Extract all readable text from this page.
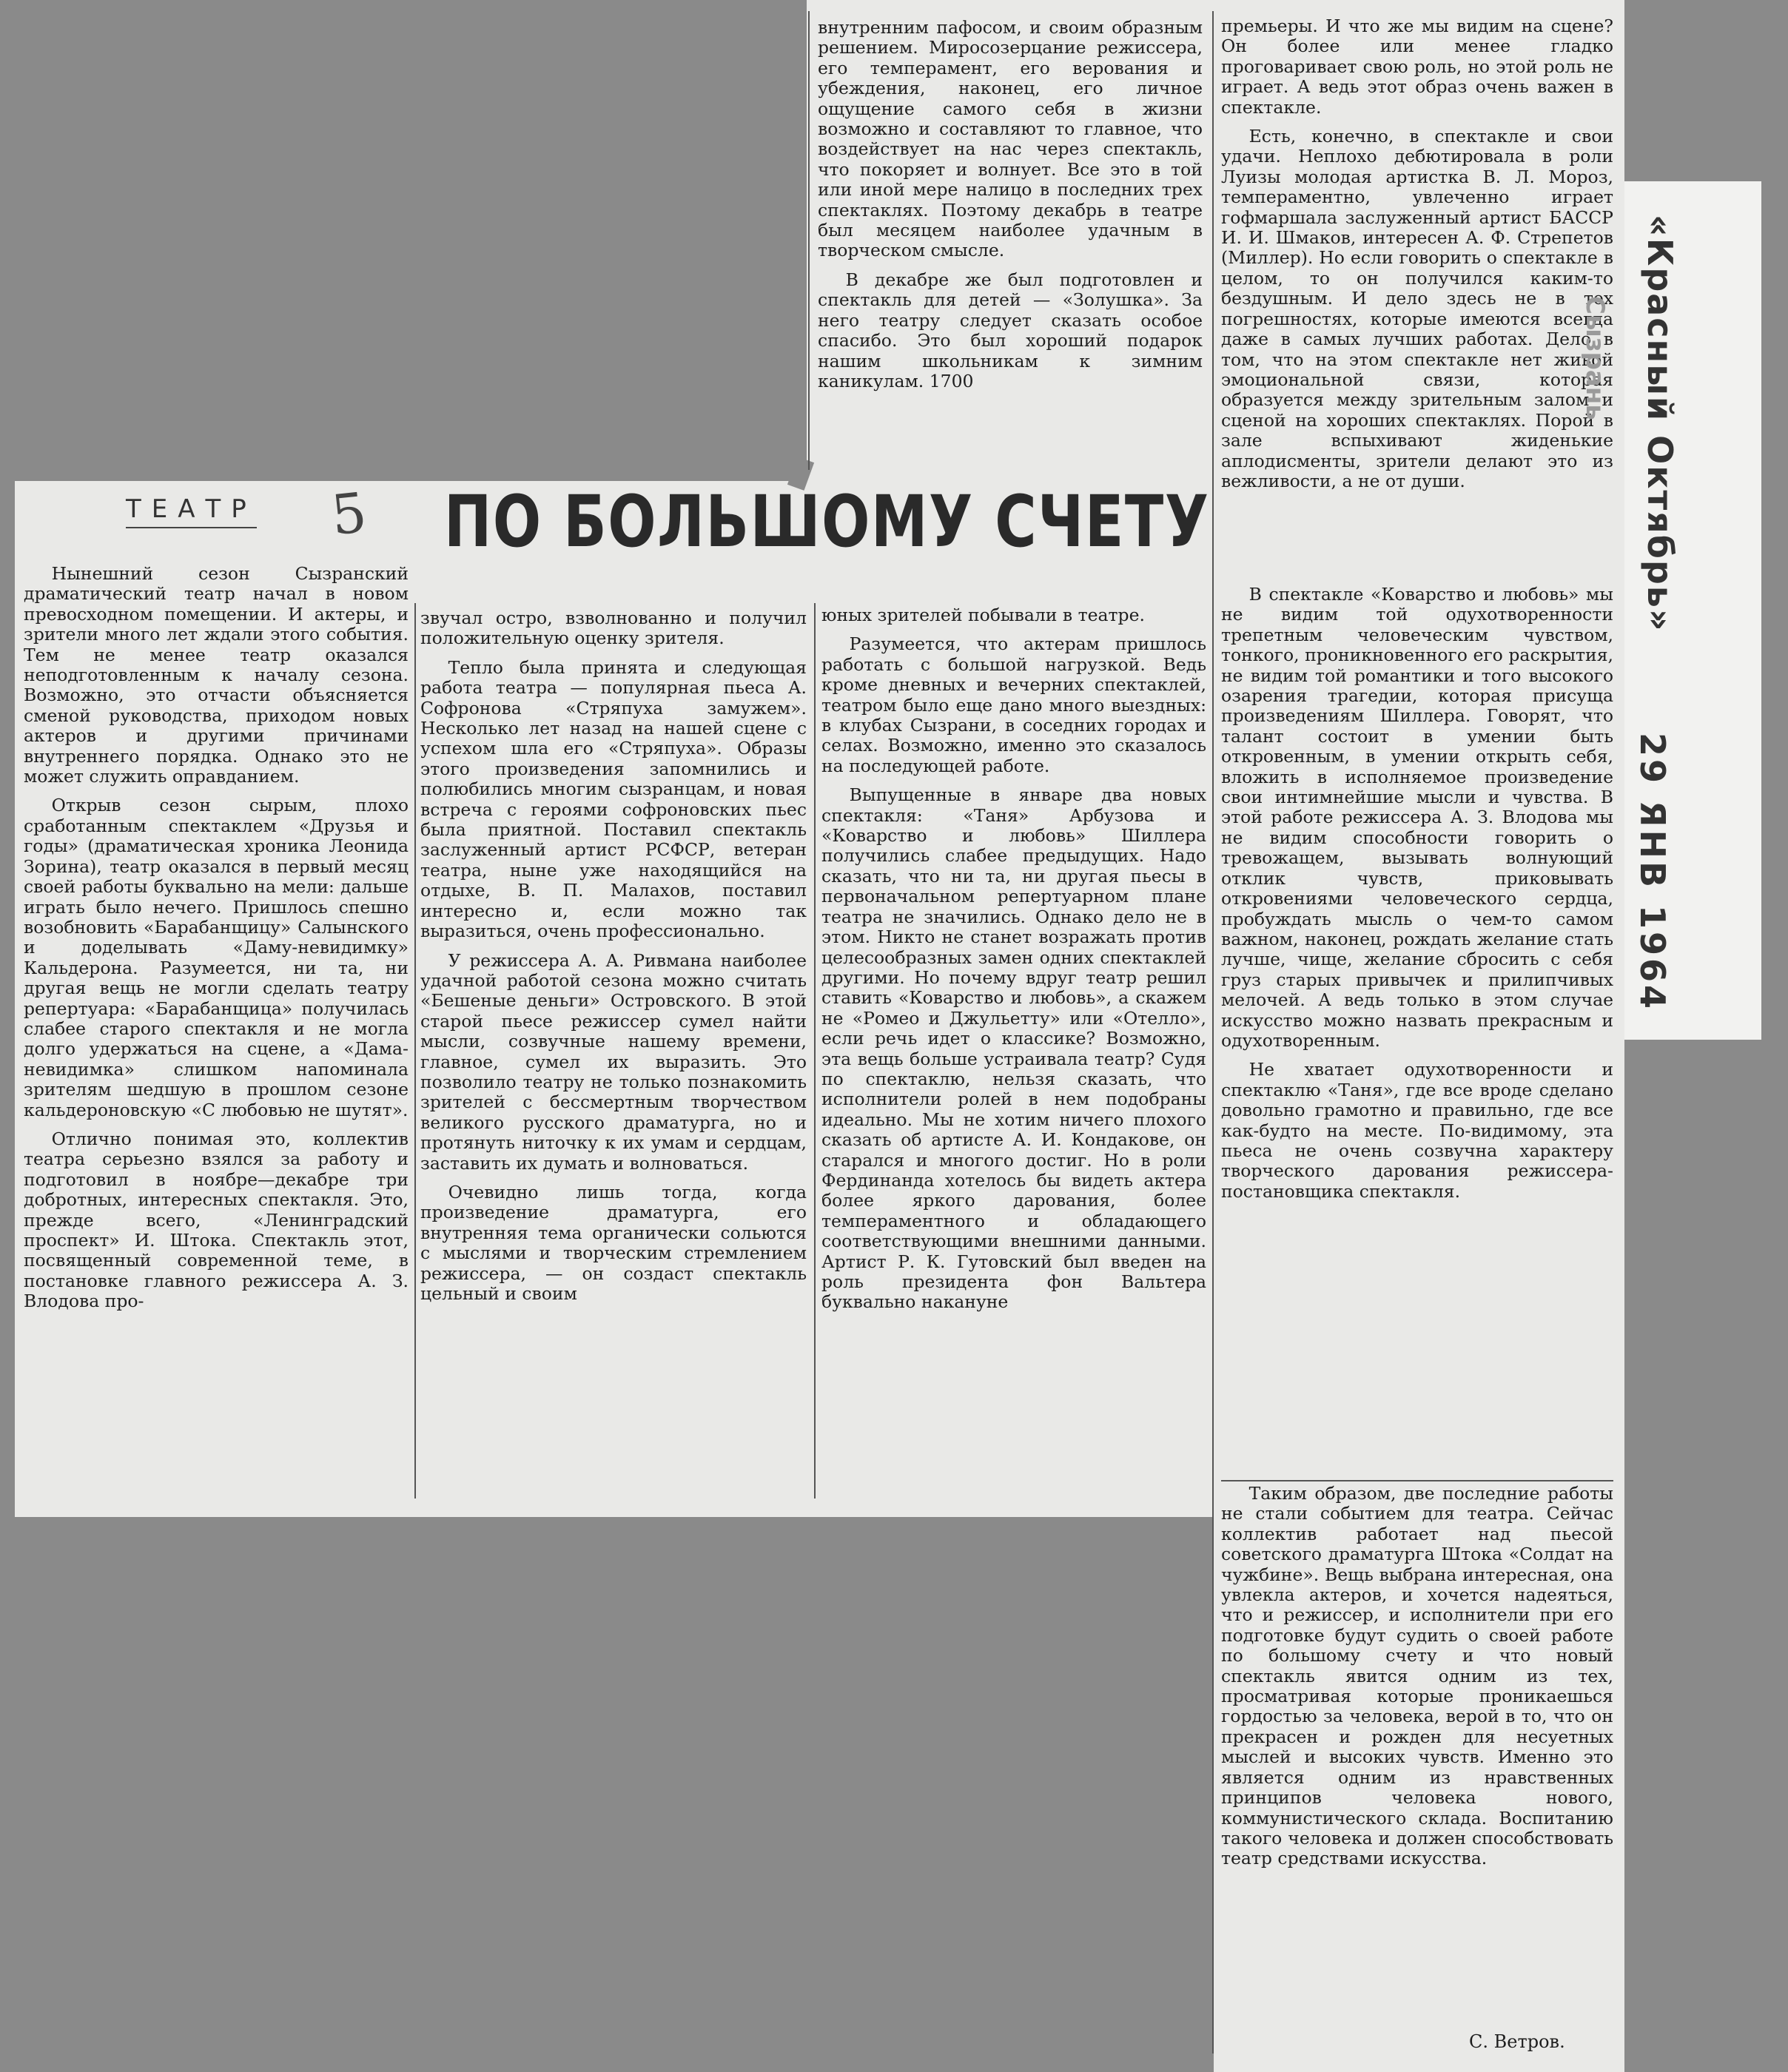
ТЕАТР 5 ПО БОЛЬШОМУ СЧЕТУ

внутренним пафосом, и своим образным решением. Миросозерцание режиссера, его темперамент, его верования и убеждения, наконец, его личное ощущение самого себя в жизни возможно и составляют то главное, что воздействует на нас через спектакль, что покоряет и волнует. Все это в той или иной мере налицо в последних трех спектаклях. Поэтому декабрь в театре был месяцем наиболее удачным в творческом смысле.

В декабре же был подготовлен и спектакль для детей — «Золушка». За него театру следует сказать особое спасибо. Это был хороший подарок нашим школьникам к зимним каникулам. 1700

Нынешний сезон Сызранский драматический театр начал в новом превосходном помещении. И актеры, и зрители много лет ждали этого события. Тем не менее театр оказался неподготовленным к началу сезона. Возможно, это отчасти объясняется сменой руководства, приходом новых актеров и другими причинами внутреннего порядка. Однако это не может служить оправданием.

Открыв сезон сырым, плохо сработанным спектаклем «Друзья и годы» (драматическая хроника Леонида Зорина), театр оказался в первый месяц своей работы буквально на мели: дальше играть было нечего. Пришлось спешно возобновить «Барабанщицу» Салынского и доделывать «Даму-невидимку» Кальдерона. Разумеется, ни та, ни другая вещь не могли сделать театру репертуара: «Барабанщица» получилась слабее старого спектакля и не могла долго удержаться на сцене, а «Дама-невидимка» слишком напоминала зрителям шедшую в прошлом сезоне кальдероновскую «С любовью не шутят».

Отлично понимая это, коллектив театра серьезно взялся за работу и подготовил в ноябре—декабре три добротных, интересных спектакля. Это, прежде всего, «Ленинградский проспект» И. Штока. Спектакль этот, посвященный современной теме, в постановке главного режиссера А. З. Влодова про-

звучал остро, взволнованно и получил положительную оценку зрителя.

Тепло была принята и следующая работа театра — популярная пьеса А. Софронова «Стряпуха замужем». Несколько лет назад на нашей сцене с успехом шла его «Стряпуха». Образы этого произведения запомнились и полюбились многим сызранцам, и новая встреча с героями софроновских пьес была приятной. Поставил спектакль заслуженный артист РСФСР, ветеран театра, ныне уже находящийся на отдыхе, В. П. Малахов, поставил интересно и, если можно так выразиться, очень профессионально.

У режиссера А. А. Ривмана наиболее удачной работой сезона можно считать «Бешеные деньги» Островского. В этой старой пьесе режиссер сумел найти мысли, созвучные нашему времени, главное, сумел их выразить. Это позволило театру не только познакомить зрителей с бессмертным творчеством великого русского драматурга, но и протянуть ниточку к их умам и сердцам, заставить их думать и волноваться.

Очевидно лишь тогда, когда произведение драматурга, его внутренняя тема органически сольются с мыслями и творческим стремлением режиссера, — он создаст спектакль цельный и своим

юных зрителей побывали в театре.

Разумеется, что актерам пришлось работать с большой нагрузкой. Ведь кроме дневных и вечерних спектаклей, театром было еще дано много выездных: в клубах Сызрани, в соседних городах и селах. Возможно, именно это сказалось на последующей работе.

Выпущенные в январе два новых спектакля: «Таня» Арбузова и «Коварство и любовь» Шиллера получились слабее предыдущих. Надо сказать, что ни та, ни другая пьесы в первоначальном репертуарном плане театра не значились. Однако дело не в этом. Никто не станет возражать против целесообразных замен одних спектаклей другими. Но почему вдруг театр решил ставить «Коварство и любовь», а скажем не «Ромео и Джульетту» или «Отелло», если речь идет о классике? Возможно, эта вещь больше устраивала театр? Судя по спектаклю, нельзя сказать, что исполнители ролей в нем подобраны идеально. Мы не хотим ничего плохого сказать об артисте А. И. Кондакове, он старался и многого достиг. Но в роли Фердинанда хотелось бы видеть актера более яркого дарования, более темпераментного и обладающего соответствующими внешними данными. Артист Р. К. Гутовский был введен на роль президента фон Вальтера буквально накануне

премьеры. И что же мы видим на сцене? Он более или менее гладко проговаривает свою роль, но этой роль не играет. А ведь этот образ очень важен в спектакле.

Есть, конечно, в спектакле и свои удачи. Неплохо дебютировала в роли Луизы молодая артистка В. Л. Мороз, темпераментно, увлеченно играет гофмаршала заслуженный артист БАССР И. И. Шмаков, интересен А. Ф. Стрепетов (Миллер). Но если говорить о спектакле в целом, то он получился каким-то бездушным. И дело здесь не в тех погрешностях, которые имеются всегда даже в самых лучших работах. Дело в том, что на этом спектакле нет живой эмоциональной связи, которая образуется между зрительным залом и сценой на хороших спектаклях. Порой в зале вспыхивают жиденькие аплодисменты, зрители делают это из вежливости, а не от души.

В спектакле «Коварство и любовь» мы не видим той одухотворенности трепетным человеческим чувством, тонкого, проникновенного его раскрытия, не видим той романтики и того высокого озарения трагедии, которая присуща произведениям Шиллера. Говорят, что талант состоит в умении быть откровенным, в умении открыть себя, вложить в исполняемое произведение свои интимнейшие мысли и чувства. В этой работе режиссера А. З. Влодова мы не видим способности говорить о тревожащем, вызывать волнующий отклик чувств, приковывать откровениями человеческого сердца, пробуждать мысль о чем-то самом важном, наконец, рождать желание стать лучше, чище, желание сбросить с себя груз старых привычек и прилипчивых мелочей. А ведь только в этом случае искусство можно назвать прекрасным и одухотворенным.

Не хватает одухотворенности и спектаклю «Таня», где все вроде сделано довольно грамотно и правильно, где все как-будто на месте. По-видимому, эта пьеса не очень созвучна характеру творческого дарования режиссера-постановщика спектакля.

Таким образом, две последние работы не стали событием для театра. Сейчас коллектив работает над пьесой советского драматурга Штока «Солдат на чужбине». Вещь выбрана интересная, она увлекла актеров, и хочется надеяться, что и режиссер, и исполнители при его подготовке будут судить о своей работе по большому счету и что новый спектакль явится одним из тех, просматривая которые проникаешься гордостью за человека, верой в то, что он прекрасен и рожден для несуетных мыслей и высоких чувств. Именно это является одним из нравственных принципов человека нового, коммунистического склада. Воспитанию такого человека и должен способствовать театр средствами искусства.

«Красный Октябрь»
Сызрань
29 ЯНВ 1964
С. Ветров.
